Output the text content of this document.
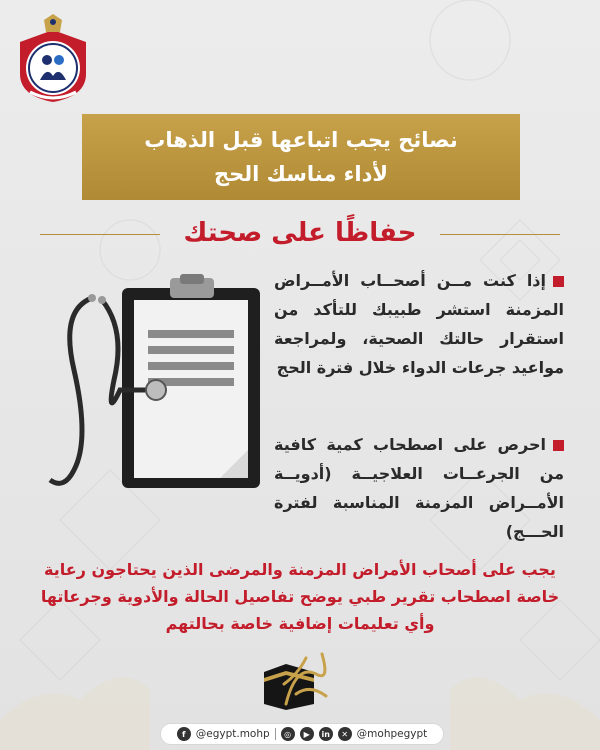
نصائح يجب اتباعها قبل الذهاب
لأداء مناسك الحج
حفاظًا على صحتك
إذا كنت مــن أصحــاب الأمــراض المزمنة استشر طبيبك للتأكد من استقرار حالتك الصحية، ولمراجعة مواعيد جرعات الدواء خلال فترة الحج
احرص على اصطحاب كمية كافية من الجرعــات العلاجيــة (أدويــة الأمــراض المزمنة المناسبة لفترة الحـــج)
يجب على أصحاب الأمراض المزمنة والمرضى الذين يحتاجون رعاية خاصة اصطحاب تقرير طبي يوضح تفاصيل الحالة والأدوية وجرعاتها وأي تعليمات إضافية خاصة بحالتهم
f @egypt.mohp	◎	▶	in	✕ @mohpegypt
